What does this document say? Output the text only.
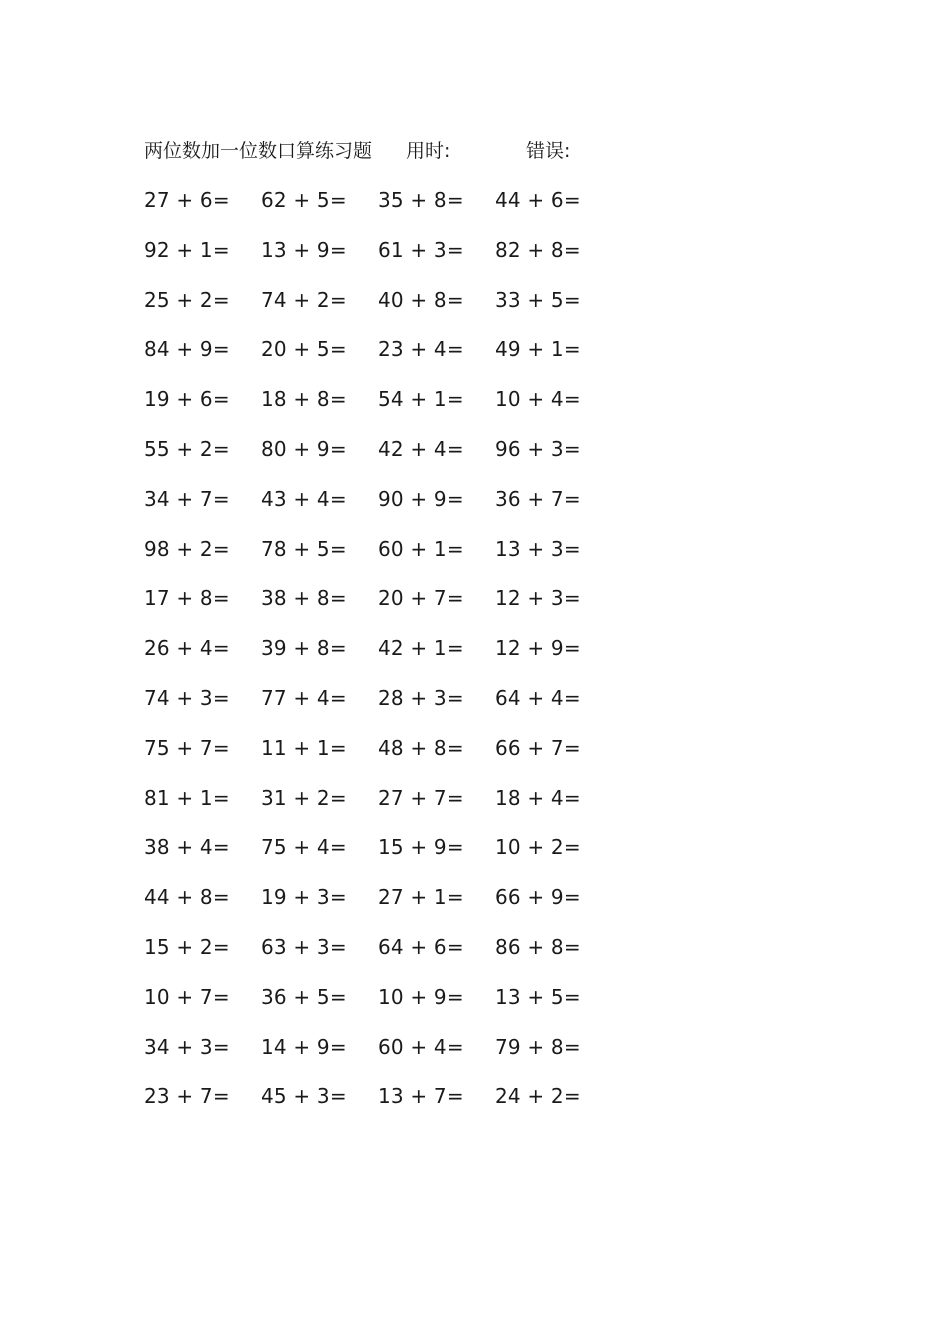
两位数加一位数口算练习题 用时:	错误:
27 + 6= 62 + 5= 35 + 8= 44 + 6=
92 + 1= 13 + 9= 61 + 3= 82 + 8=
25 + 2= 74 + 2= 40 + 8= 33 + 5=
84 + 9= 20 + 5= 23 + 4= 49 + 1=
19 + 6= 18 + 8= 54 + 1= 10 + 4=
55 + 2= 80 + 9= 42 + 4= 96 + 3=
34 + 7= 43 + 4= 90 + 9= 36 + 7=
98 + 2= 78 + 5= 60 + 1= 13 + 3=
17 + 8= 38 + 8= 20 + 7= 12 + 3=
26 + 4= 39 + 8= 42 + 1= 12 + 9=
74 + 3= 77 + 4= 28 + 3= 64 + 4=
75 + 7= 11 + 1= 48 + 8= 66 + 7=
81 + 1= 31 + 2= 27 + 7= 18 + 4=
38 + 4= 75 + 4= 15 + 9= 10 + 2=
44 + 8= 19 + 3= 27 + 1= 66 + 9=
15 + 2= 63 + 3= 64 + 6= 86 + 8=
10 + 7= 36 + 5= 10 + 9= 13 + 5=
34 + 3= 14 + 9= 60 + 4= 79 + 8=
23 + 7= 45 + 3= 13 + 7= 24 + 2=
